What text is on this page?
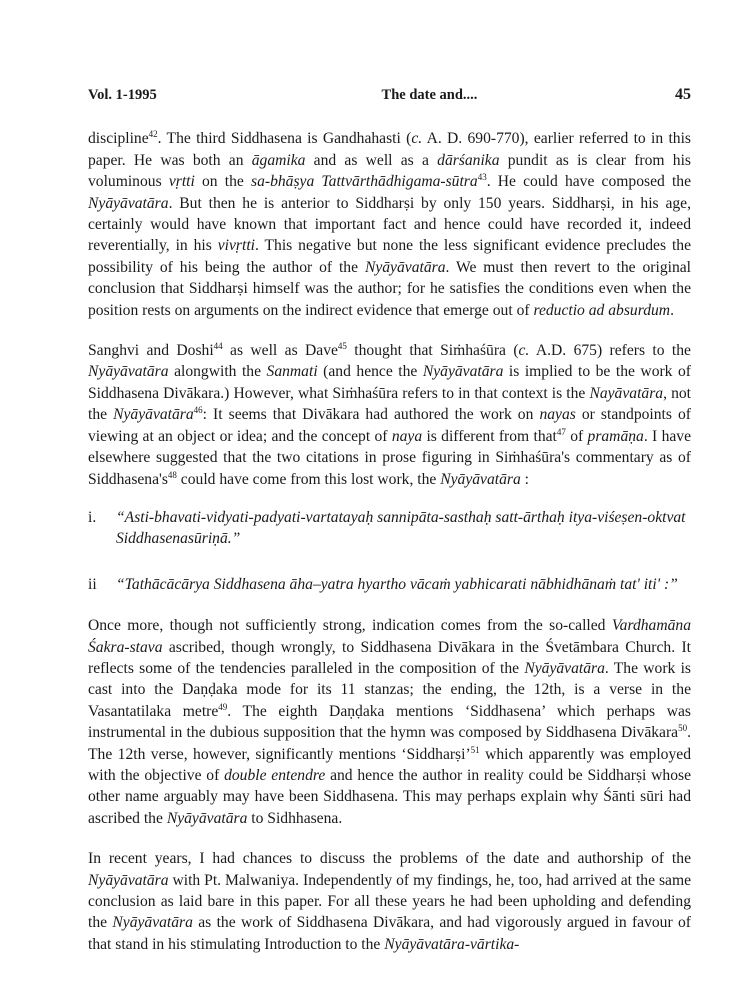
Vol. 1-1995	The date and....	45

discipline$^{42}$. The third Siddhasena is Gandhahasti (c. A. D. 690-770), earlier referred to in this paper. He was both an āgamika and as well as a dārśanika pundit as is clear from his voluminous vṛtti on the sa-bhāṣya Tattvārthādhigama-sūtra$^{43}$. He could have composed the Nyāyāvatāra. But then he is anterior to Siddharṣi by only 150 years. Siddharṣi, in his age, certainly would have known that important fact and hence could have recorded it, indeed reverentially, in his vivṛtti. This negative but none the less significant evidence precludes the possibility of his being the author of the Nyāyāvatāra. We must then revert to the original conclusion that Siddharṣi himself was the author; for he satisfies the conditions even when the position rests on arguments on the indirect evidence that emerge out of reductio ad absurdum.

Sanghvi and Doshi$^{44}$ as well as Dave$^{45}$ thought that Siṁhaśūra (c. A.D. 675) refers to the Nyāyāvatāra alongwith the Sanmati (and hence the Nyāyāvatāra is implied to be the work of Siddhasena Divākara.) However, what Siṁhaśūra refers to in that context is the Nayāvatāra, not the Nyāyāvatāra$^{46}$: It seems that Divākara had authored the work on nayas or standpoints of viewing at an object or idea; and the concept of naya is different from that$^{47}$ of pramāṇa. I have elsewhere suggested that the two citations in prose figuring in Siṁhaśūra's commentary as of $Siddhasena's^{48}$ could have come from this lost work, the Nyāyāvatāra :

i.	“Asti-bhavati-vidyati-padyati-vartatayaḥ sannipāta-sasthaḥ satt-ārthaḥ itya-viśeṣen-oktvat Siddhasenasūriṇā.”
ii	“Tathācācārya Siddhasena āha–yatra hyartho vācaṁ yabhicarati nābhidhānaṁ tat' iti' :”

Once more, though not sufficiently strong, indication comes from the so-called Vardhamāna Śakra-stava ascribed, though wrongly, to Siddhasena Divākara in the Śvetāmbara Church. It reflects some of the tendencies paralleled in the composition of the Nyāyāvatāra. The work is cast into the Daṇḍaka mode for its 11 stanzas; the ending, the 12th, is a verse in the Vasantatilaka metre$^{49}$. The eighth Daṇḍaka mentions ‘Siddhasena’ which perhaps was instrumental in the dubious supposition that the hymn was composed by Siddhasena Divākara$^{50}$. The 12th verse, however, significantly mentions ‘Siddharṣi’$^{51}$ which apparently was employed with the objective of double entendre and hence the author in reality could be Siddharṣi whose other name arguably may have been Siddhasena. This may perhaps explain why Śānti sūri had ascribed the Nyāyāvatāra to Sidhhasena.

In recent years, I had chances to discuss the problems of the date and authorship of the Nyāyāvatāra with Pt. Malwaniya. Independently of my findings, he, too, had arrived at the same conclusion as laid bare in this paper. For all these years he had been upholding and defending the Nyāyāvatāra as the work of Siddhasena Divākara, and had vigorously argued in favour of that stand in his stimulating Introduction to the Nyāyāvatāra-vārtika-
